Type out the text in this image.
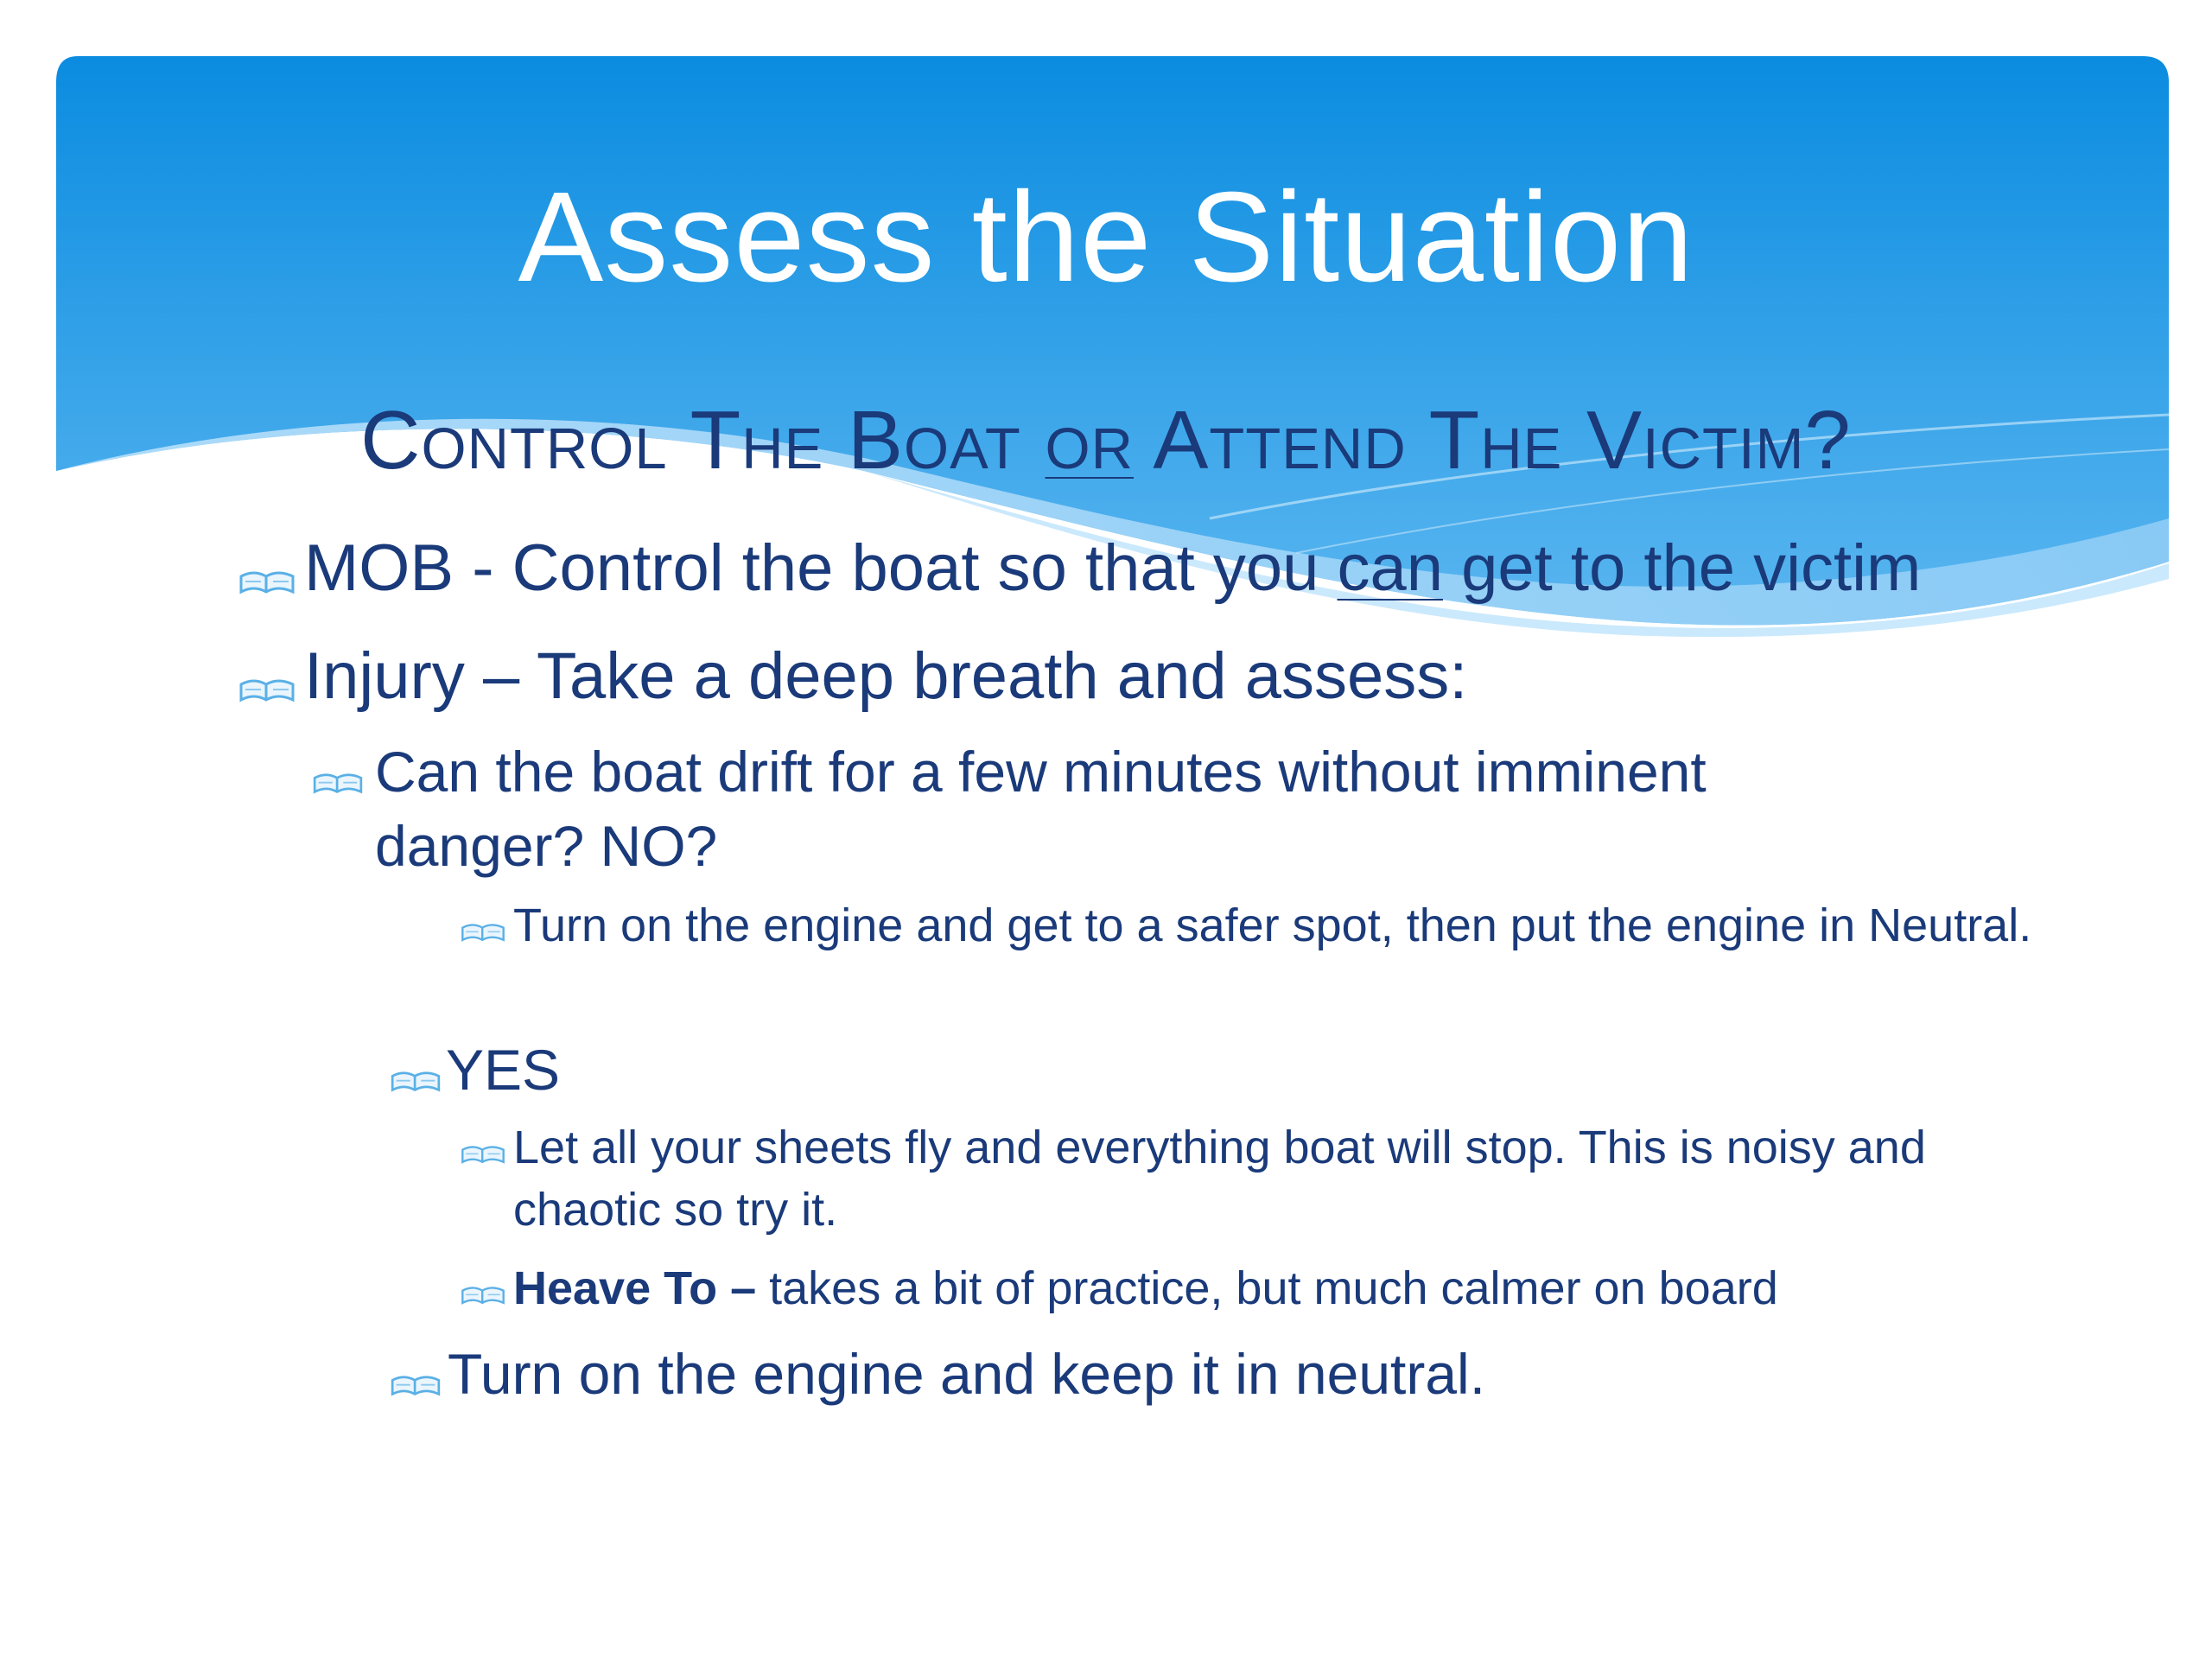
Assess the Situation
Control The Boat or Attend The Victim?
MOB - Control the boat so that you can get to the victim
Injury – Take a deep breath and assess:
Can the boat drift for a few minutes without imminent danger? NO?
Turn on the engine and get to a safer spot, then put the engine in Neutral.
YES
Let all your sheets fly and everything boat will stop. This is noisy and chaotic so try it.
Heave To – takes a bit of practice, but much calmer on board
Turn on the engine and keep it in neutral.
